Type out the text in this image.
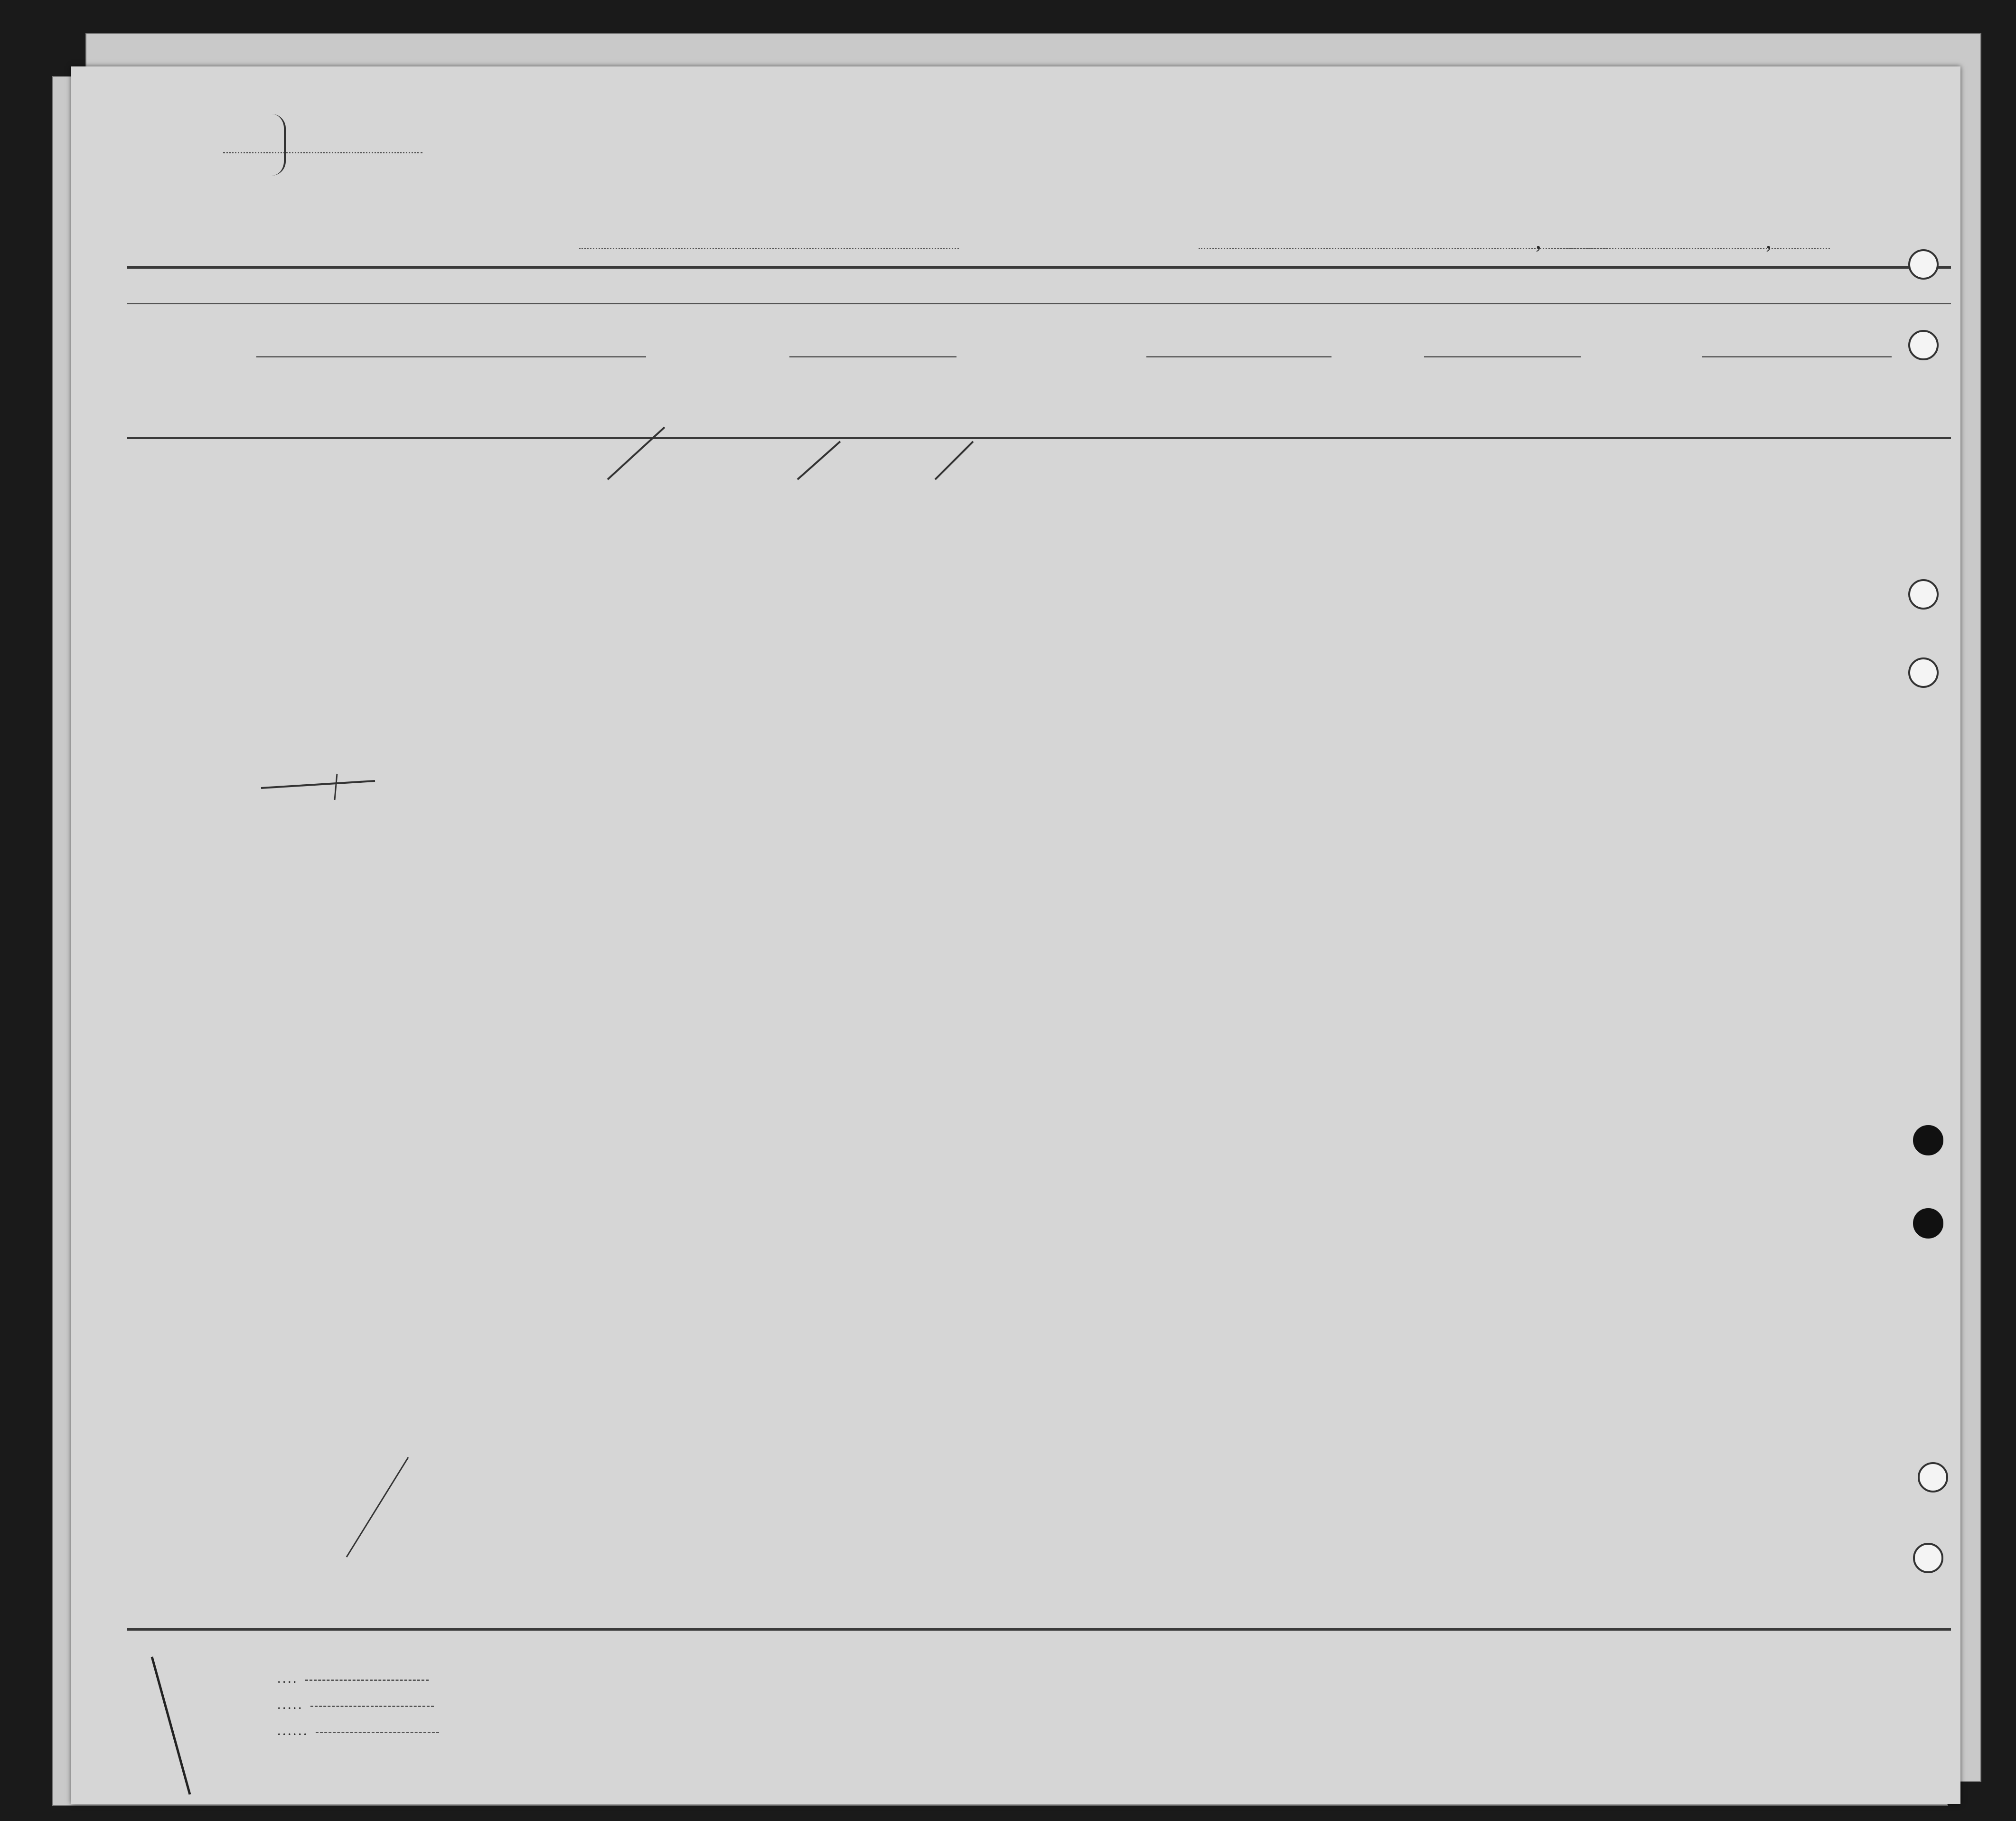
,	,
. . . .
. . . . .
. . . . . .
